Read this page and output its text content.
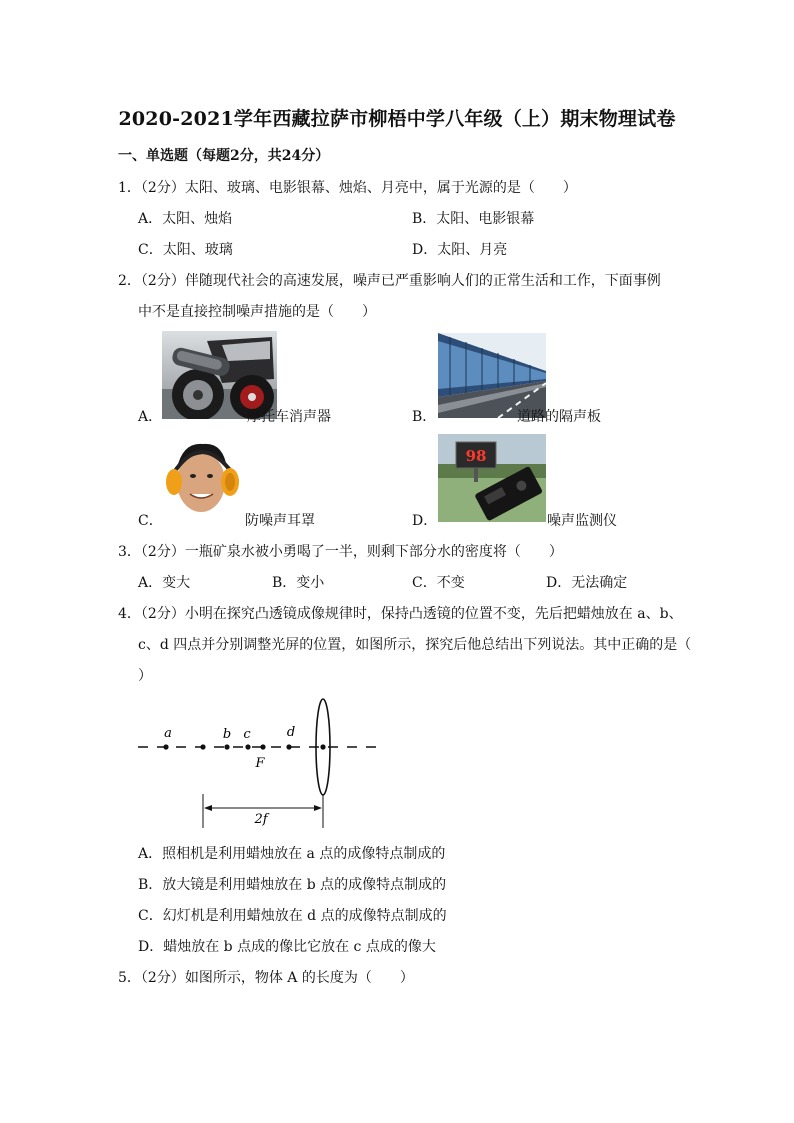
2020-2021学年西藏拉萨市柳梧中学八年级（上）期末物理试卷
一、单选题（每题2分，共24分）
1．（2分）太阳、玻璃、电影银幕、烛焰、月亮中，属于光源的是（　　）
A．太阳、烛焰	B．太阳、电影银幕
C．太阳、玻璃	D．太阳、月亮
2．（2分）伴随现代社会的高速发展，噪声已严重影响人们的正常生活和工作，下面事例
中不是直接控制噪声措施的是（　　）
A．	摩托车消声器	B．	道路的隔声板
C．	防噪声耳罩	D．
98
噪声监测仪
3．（2分）一瓶矿泉水被小勇喝了一半，则剩下部分水的密度将（　　）
A．变大	B．变小	C．不变	D．无法确定
4．（2分）小明在探究凸透镜成像规律时，保持凸透镜的位置不变，先后把蜡烛放在 a、b、
c、d 四点并分别调整光屏的位置，如图所示，探究后他总结出下列说法。其中正确的是（
）
a	b c	d
F
2f
A．照相机是利用蜡烛放在 a 点的成像特点制成的
B．放大镜是利用蜡烛放在 b 点的成像特点制成的
C．幻灯机是利用蜡烛放在 d 点的成像特点制成的
D．蜡烛放在 b 点成的像比它放在 c 点成的像大
5．（2分）如图所示，物体 A 的长度为（　　）
